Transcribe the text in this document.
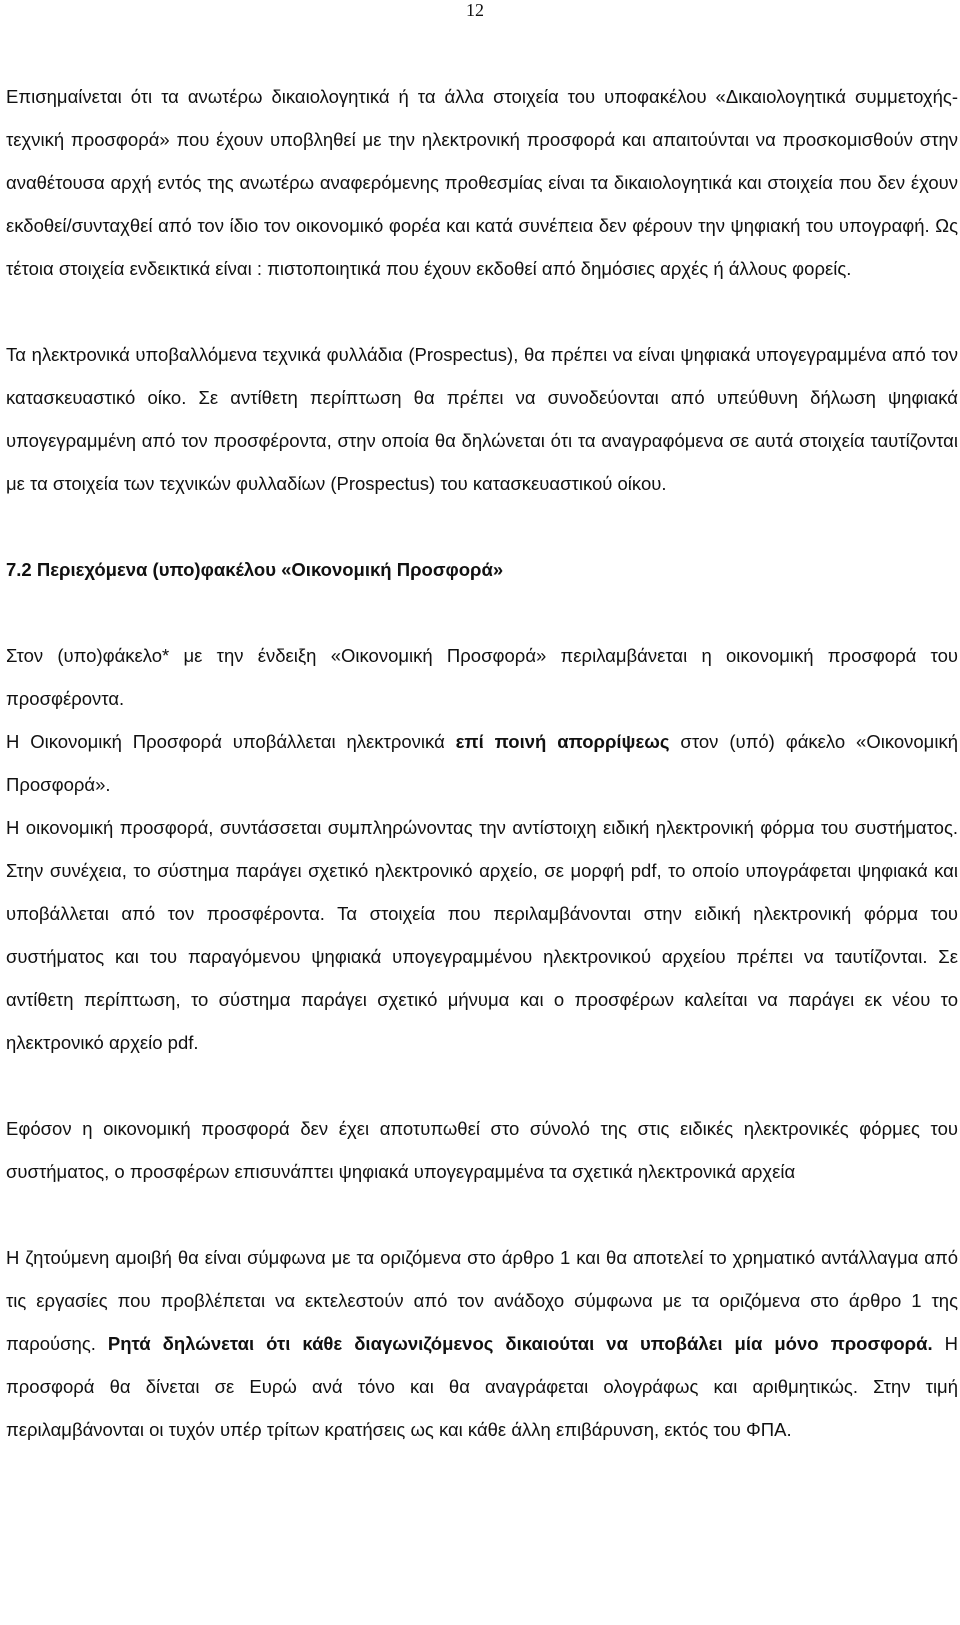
12

Επισημαίνεται ότι τα ανωτέρω δικαιολογητικά ή τα άλλα στοιχεία του υποφακέλου «Δικαιολογητικά συμμετοχής-τεχνική προσφορά» που έχουν υποβληθεί με την ηλεκτρονική προσφορά και απαιτούνται να προσκομισθούν στην αναθέτουσα αρχή εντός της ανωτέρω αναφερόμενης προθεσμίας είναι τα δικαιολογητικά και στοιχεία που δεν έχουν εκδοθεί/συνταχθεί από τον ίδιο τον οικονομικό φορέα και κατά συνέπεια δεν φέρουν την ψηφιακή του υπογραφή. Ως τέτοια στοιχεία ενδεικτικά είναι : πιστοποιητικά που έχουν εκδοθεί από δημόσιες αρχές ή άλλους φορείς.

Τα ηλεκτρονικά υποβαλλόμενα τεχνικά φυλλάδια (Prospectus), θα πρέπει να είναι ψηφιακά υπογεγραμμένα από τον κατασκευαστικό οίκο. Σε αντίθετη περίπτωση θα πρέπει να συνοδεύονται από υπεύθυνη δήλωση ψηφιακά υπογεγραμμένη από τον προσφέροντα, στην οποία θα δηλώνεται ότι τα αναγραφόμενα σε αυτά στοιχεία ταυτίζονται με τα στοιχεία των τεχνικών φυλλαδίων (Prospectus) του κατασκευαστικού οίκου.

7.2 Περιεχόμενα (υπο)φακέλου «Οικονομική Προσφορά»

Στον (υπο)φάκελο* με την ένδειξη «Οικονομική Προσφορά» περιλαμβάνεται η οικονομική προσφορά του προσφέροντα.

Η Οικονομική Προσφορά υποβάλλεται ηλεκτρονικά επί ποινή απορρίψεως στον (υπό) φάκελο «Οικονομική Προσφορά».

Η οικονομική προσφορά, συντάσσεται συμπληρώνοντας την αντίστοιχη ειδική ηλεκτρονική φόρμα του συστήματος. Στην συνέχεια, το σύστημα παράγει σχετικό ηλεκτρονικό αρχείο, σε μορφή pdf, το οποίο υπογράφεται ψηφιακά και υποβάλλεται από τον προσφέροντα. Τα στοιχεία που περιλαμβάνονται στην ειδική ηλεκτρονική φόρμα του συστήματος και του παραγόμενου ψηφιακά υπογεγραμμένου ηλεκτρονικού αρχείου πρέπει να ταυτίζονται. Σε αντίθετη περίπτωση, το σύστημα παράγει σχετικό μήνυμα και ο προσφέρων καλείται να παράγει εκ νέου το ηλεκτρονικό αρχείο pdf.

Εφόσον η οικονομική προσφορά δεν έχει αποτυπωθεί στο σύνολό της στις ειδικές ηλεκτρονικές φόρμες του συστήματος, ο προσφέρων επισυνάπτει ψηφιακά υπογεγραμμένα τα σχετικά ηλεκτρονικά αρχεία

Η ζητούμενη αμοιβή θα είναι σύμφωνα με τα οριζόμενα στο άρθρο 1 και θα αποτελεί το χρηματικό αντάλλαγμα από τις εργασίες που προβλέπεται να εκτελεστούν από τον ανάδοχο σύμφωνα με τα οριζόμενα στο άρθρο 1 της παρούσης. Ρητά δηλώνεται ότι κάθε διαγωνιζόμενος δικαιούται να υποβάλει μία μόνο προσφορά. Η προσφορά θα δίνεται σε Ευρώ ανά τόνο και θα αναγράφεται ολογράφως και αριθμητικώς. Στην τιμή περιλαμβάνονται οι τυχόν υπέρ τρίτων κρατήσεις ως και κάθε άλλη επιβάρυνση, εκτός του ΦΠΑ.
